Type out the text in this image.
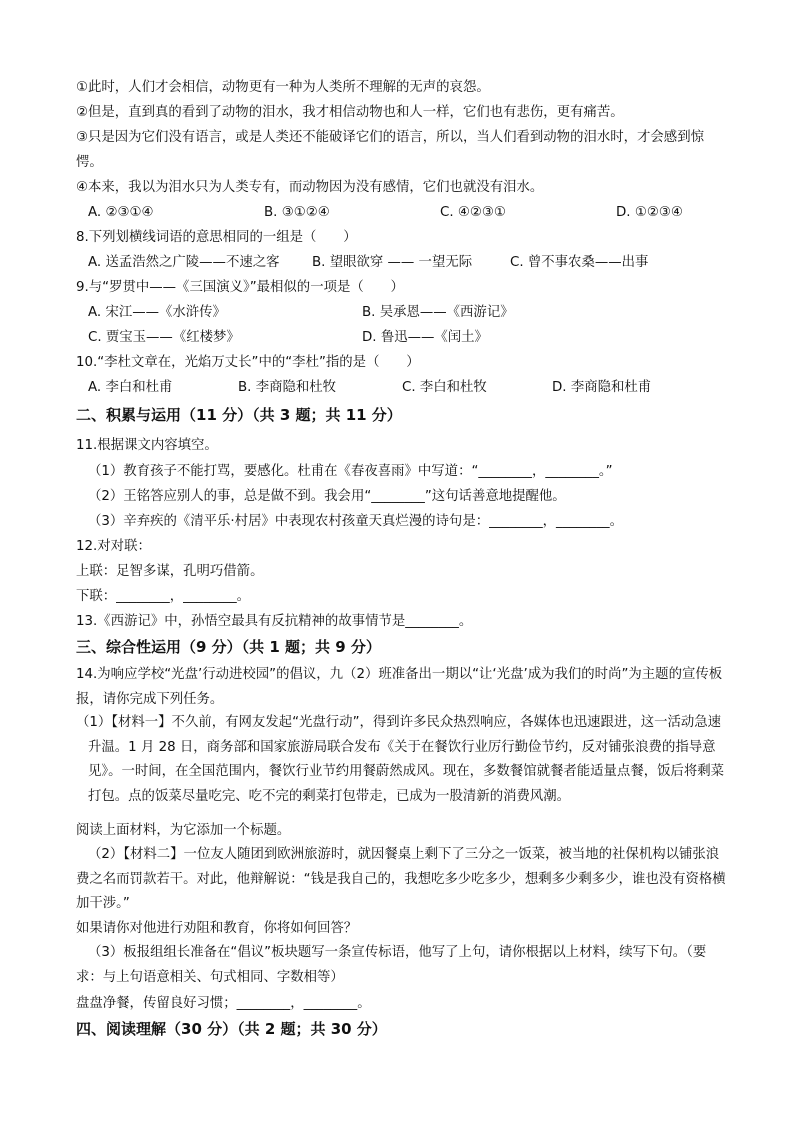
①此时，人们才会相信，动物更有一种为人类所不理解的无声的哀怨。
②但是，直到真的看到了动物的泪水，我才相信动物也和人一样，它们也有悲伤，更有痛苦。
③只是因为它们没有语言，或是人类还不能破译它们的语言，所以，当人们看到动物的泪水时，才会感到惊愕。
④本来，我以为泪水只为人类专有，而动物因为没有感情，它们也就没有泪水。
A. ②③①④	B. ③①②④	C. ④②③①	D. ①②③④
8.下列划横线词语的意思相同的一组是（　　）
A. 送孟浩然之广陵——不速之客 B. 望眼欲穿 —— 一望无际	C. 曾不事农桑——出事
9.与“罗贯中——《三国演义》”最相似的一项是（　　）
A. 宋江——《水浒传》	B. 吴承恩——《西游记》
C. 贾宝玉——《红楼梦》	D. 鲁迅——《闰土》
10.“李杜文章在，光焰万丈长”中的“李杜”指的是（　　）
A. 李白和杜甫	B. 李商隐和杜牧	C. 李白和杜牧	D. 李商隐和杜甫
二、积累与运用（11 分）（共 3 题；共 11 分）
11.根据课文内容填空。
（1）教育孩子不能打骂，要感化。杜甫在《春夜喜雨》中写道：“________，________。”
（2）王铭答应别人的事，总是做不到。我会用“________”这句话善意地提醒他。
（3）辛弃疾的《清平乐·村居》中表现农村孩童天真烂漫的诗句是：________，________。
12.对对联：
上联：足智多谋，孔明巧借箭。
下联：________，________。
13.《西游记》中，孙悟空最具有反抗精神的故事情节是________。
三、综合性运用（9 分）（共 1 题；共 9 分）
14.为响应学校“光盘’行动进校园”的倡议，九（2）班准备出一期以“让‘光盘’成为我们的时尚”为主题的宣传板报，请你完成下列任务。
（1）【材料一】不久前，有网友发起“光盘行动”，得到许多民众热烈响应，各媒体也迅速跟进，这一活动急速升温。1 月 28 日，商务部和国家旅游局联合发布《关于在餐饮行业厉行勤俭节约，反对铺张浪费的指导意见》。一时间，在全国范围内，餐饮行业节约用餐蔚然成风。现在，多数餐馆就餐者能适量点餐，饭后将剩菜打包。点的饭菜尽量吃完、吃不完的剩菜打包带走，已成为一股清新的消费风潮。
阅读上面材料，为它添加一个标题。
（2）【材料二】一位友人随团到欧洲旅游时，就因餐桌上剩下了三分之一饭菜，被当地的社保机构以铺张浪费之名而罚款若干。对此，他辩解说：“钱是我自己的，我想吃多少吃多少，想剩多少剩多少，谁也没有资格横加干涉。”
如果请你对他进行劝阻和教育，你将如何回答？
（3）板报组组长准备在“倡议”板块题写一条宣传标语，他写了上句，请你根据以上材料，续写下句。（要求：与上句语意相关、句式相同、字数相等）
盘盘净餐，传留良好习惯；________，________。
四、阅读理解（30 分）（共 2 题；共 30 分）
